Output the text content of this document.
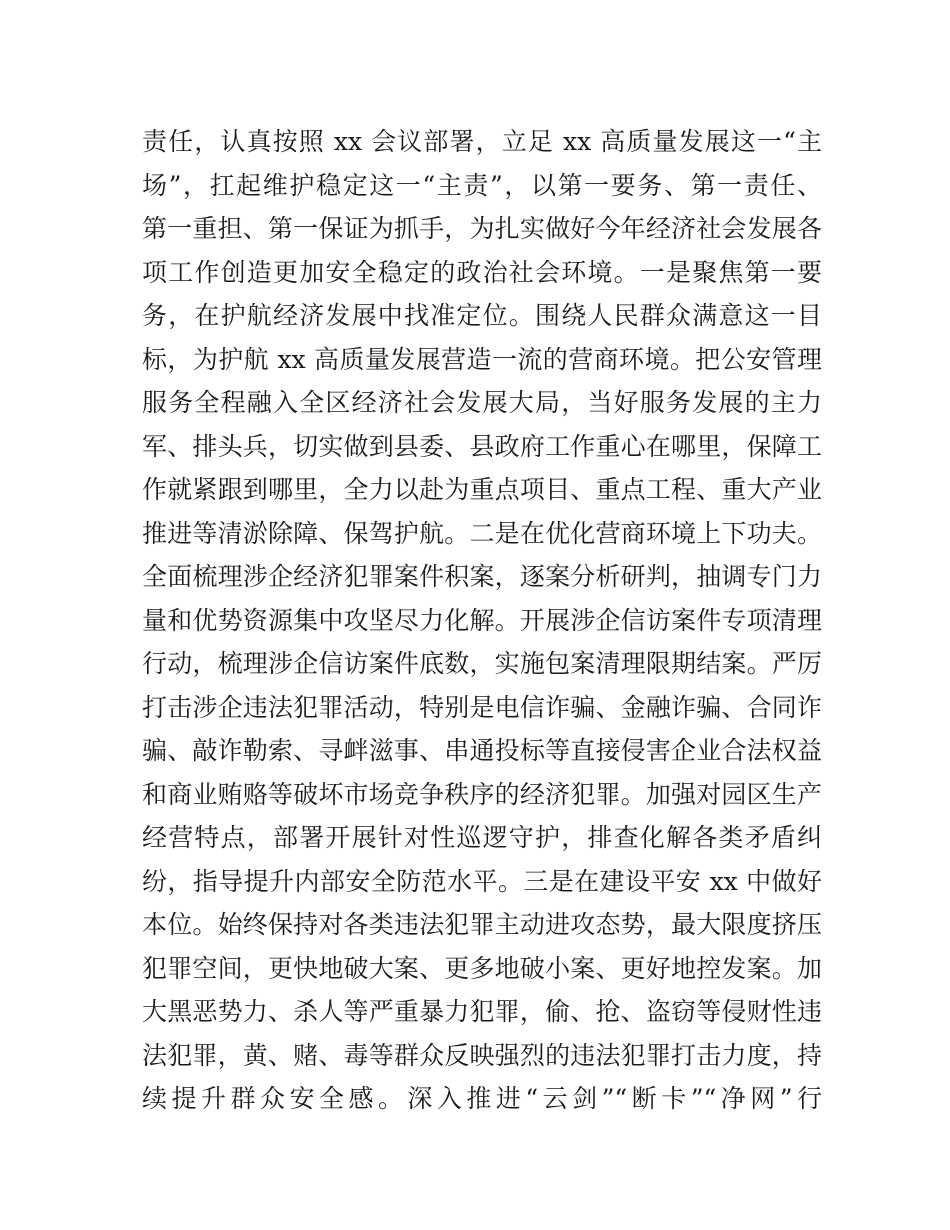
责任，认真按照 xx 会议部署，立足 xx 高质量发展这一“主
场”，扛起维护稳定这一“主责”，以第一要务、第一责任、
第一重担、第一保证为抓手，为扎实做好今年经济社会发展各
项工作创造更加安全稳定的政治社会环境。一是聚焦第一要
务，在护航经济发展中找准定位。围绕人民群众满意这一目
标，为护航 xx 高质量发展营造一流的营商环境。把公安管理
服务全程融入全区经济社会发展大局，当好服务发展的主力
军、排头兵，切实做到县委、县政府工作重心在哪里，保障工
作就紧跟到哪里，全力以赴为重点项目、重点工程、重大产业
推进等清淤除障、保驾护航。二是在优化营商环境上下功夫。
全面梳理涉企经济犯罪案件积案，逐案分析研判，抽调专门力
量和优势资源集中攻坚尽力化解。开展涉企信访案件专项清理
行动，梳理涉企信访案件底数，实施包案清理限期结案。严厉
打击涉企违法犯罪活动，特别是电信诈骗、金融诈骗、合同诈
骗、敲诈勒索、寻衅滋事、串通投标等直接侵害企业合法权益
和商业贿赂等破坏市场竞争秩序的经济犯罪。加强对园区生产
经营特点，部署开展针对性巡逻守护，排查化解各类矛盾纠
纷，指导提升内部安全防范水平。三是在建设平安 xx 中做好
本位。始终保持对各类违法犯罪主动进攻态势，最大限度挤压
犯罪空间，更快地破大案、更多地破小案、更好地控发案。加
大黑恶势力、杀人等严重暴力犯罪，偷、抢、盗窃等侵财性违
法犯罪，黄、赌、毒等群众反映强烈的违法犯罪打击力度，持
续提升群众安全感。深入推进“云剑”“断卡”“净网”行
